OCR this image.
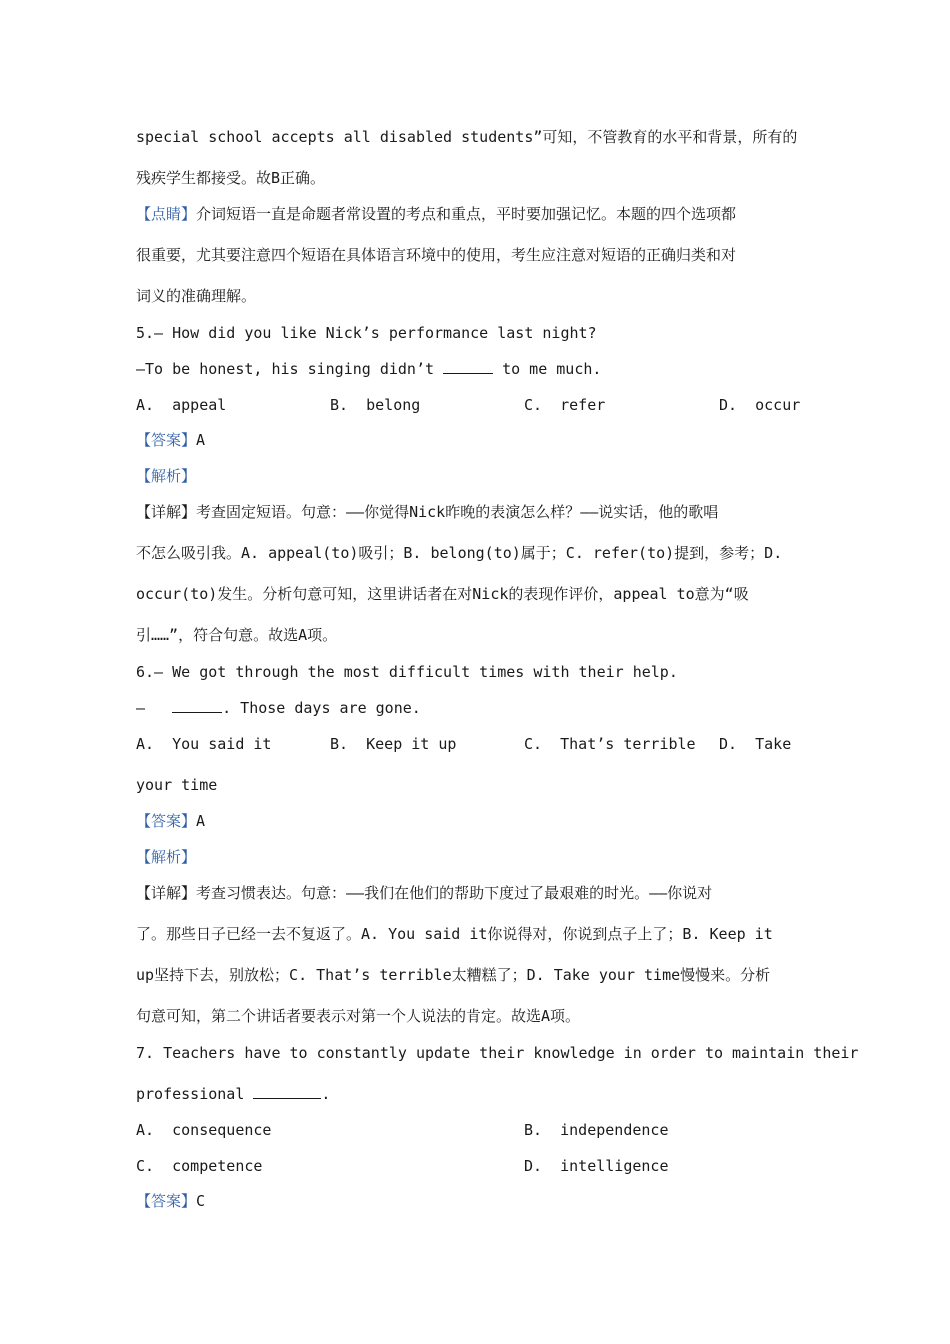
special school accepts all disabled students”可知，不管教育的水平和背景，所有的
残疾学生都接受。故B正确。
【点睛】介词短语一直是命题者常设置的考点和重点，平时要加强记忆。本题的四个选项都
很重要，尤其要注意四个短语在具体语言环境中的使用，考生应注意对短语的正确归类和对
词义的准确理解。
5.— How did you like Nick’s performance last night?
—To be honest, his singing didn’t	to me much.
A.  appeal	B.  belong	C.  refer	D.  occur
【答案】A
【解析】
【详解】考查固定短语。句意：——你觉得Nick昨晚的表演怎么样？——说实话，他的歌唱
不怎么吸引我。A. appeal(to)吸引；B. belong(to)属于；C. refer(to)提到，参考；D.
occur(to)发生。分析句意可知，这里讲话者在对Nick的表现作评价，appeal to意为“吸
引……”，符合句意。故选A项。
6.— We got through the most difficult times with their help.
—	. Those days are gone.
A.  You said it	B.  Keep it up	C.  That’s terrible D.  Take
your time
【答案】A
【解析】
【详解】考查习惯表达。句意：——我们在他们的帮助下度过了最艰难的时光。——你说对
了。那些日子已经一去不复返了。A. You said it你说得对，你说到点子上了；B. Keep it
up坚持下去，别放松；C. That’s terrible太糟糕了；D. Take your time慢慢来。分析
句意可知，第二个讲话者要表示对第一个人说法的肯定。故选A项。
7. Teachers have to constantly update their knowledge in order to maintain their
professional	.
A.  consequence	B.  independence
C.  competence	D.  intelligence
【答案】C
